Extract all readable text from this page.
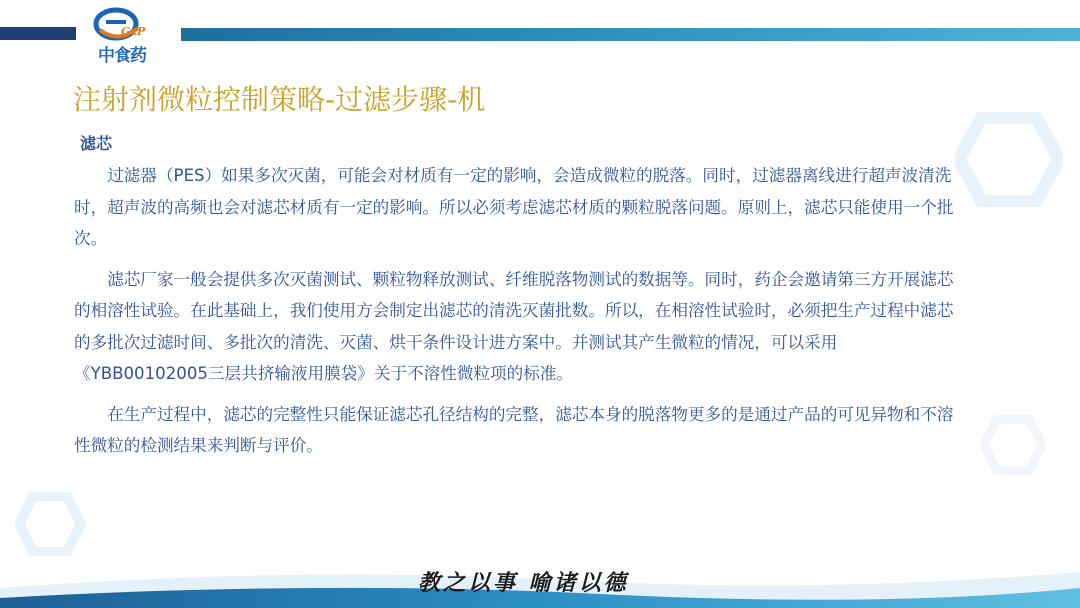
GxP
中食药
注射剂微粒控制策略-过滤步骤-机
滤芯

过滤器（PES）如果多次灭菌，可能会对材质有一定的影响，会造成微粒的脱落。同时，过滤器离线进行超声波清洗时，超声波的高频也会对滤芯材质有一定的影响。所以必须考虑滤芯材质的颗粒脱落问题。原则上，滤芯只能使用一个批次。

滤芯厂家一般会提供多次灭菌测试、颗粒物释放测试、纤维脱落物测试的数据等。同时，药企会邀请第三方开展滤芯的相溶性试验。在此基础上，我们使用方会制定出滤芯的清洗灭菌批数。所以，在相溶性试验时，必须把生产过程中滤芯的多批次过滤时间、多批次的清洗、灭菌、烘干条件设计进方案中。并测试其产生微粒的情况，可以采用《YBB00102005三层共挤输液用膜袋》关于不溶性微粒项的标准。

在生产过程中，滤芯的完整性只能保证滤芯孔径结构的完整，滤芯本身的脱落物更多的是通过产品的可见异物和不溶性微粒的检测结果来判断与评价。

教之以事 喻诸以德
